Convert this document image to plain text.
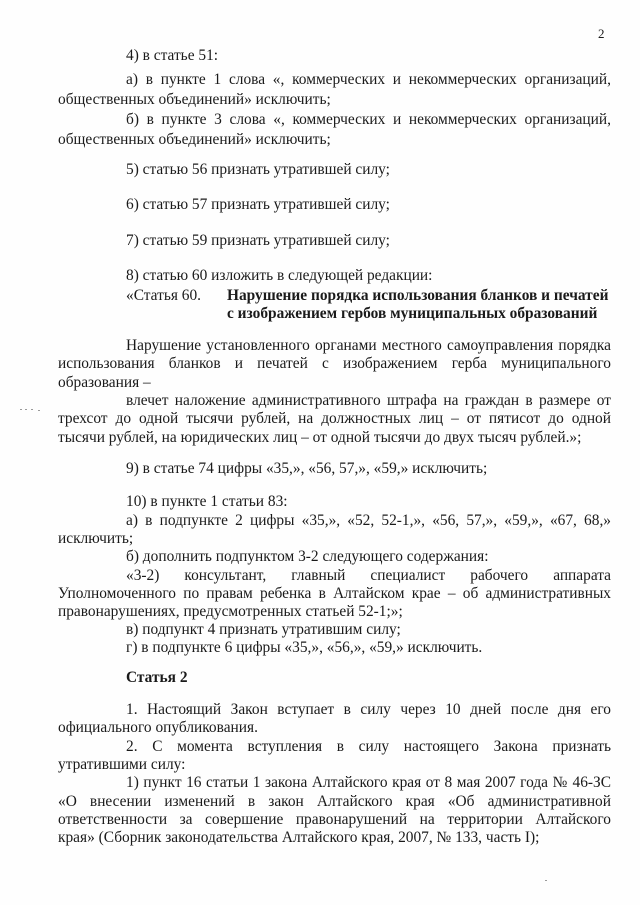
2
4) в статье 51:
а) в пункте 1 слова «, коммерческих и некоммерческих организаций,
общественных объединений» исключить;
б) в пункте 3 слова «, коммерческих и некоммерческих организаций,
общественных объединений» исключить;
5) статью 56 признать утратившей силу;
6) статью 57 признать утратившей силу;
7) статью 59 признать утратившей силу;
8) статью 60 изложить в следующей редакции:
«Статья 60. Нарушение порядка использования бланков и печатей
с изображением гербов муниципальных образований
Нарушение установленного органами местного самоуправления порядка
использования бланков и печатей с изображением герба муниципального
образования –
влечет наложение административного штрафа на граждан в размере от
трехсот до одной тысячи рублей, на должностных лиц – от пятисот до одной
тысячи рублей, на юридических лиц – от одной тысячи до двух тысяч рублей.»;
9) в статье 74 цифры «35,», «56, 57,», «59,» исключить;
10) в пункте 1 статьи 83:
а) в подпункте 2 цифры «35,», «52, 52-1,», «56, 57,», «59,», «67, 68,»
исключить;
б) дополнить подпунктом 3-2 следующего содержания:
«3-2) консультант, главный специалист рабочего аппарата
Уполномоченного по правам ребенка в Алтайском крае – об административных
правонарушениях, предусмотренных статьей 52-1;»;
в) подпункт 4 признать утратившим силу;
г) в подпункте 6 цифры «35,», «56,», «59,» исключить.
Статья 2
1. Настоящий Закон вступает в силу через 10 дней после дня его
официального опубликования.
2. С момента вступления в силу настоящего Закона признать
утратившими силу:
1) пункт 16 статьи 1 закона Алтайского края от 8 мая 2007 года № 46-ЗС
«О внесении изменений в закон Алтайского края «Об административной
ответственности за совершение правонарушений на территории Алтайского
края» (Сборник законодательства Алтайского края, 2007, № 133, часть I);
